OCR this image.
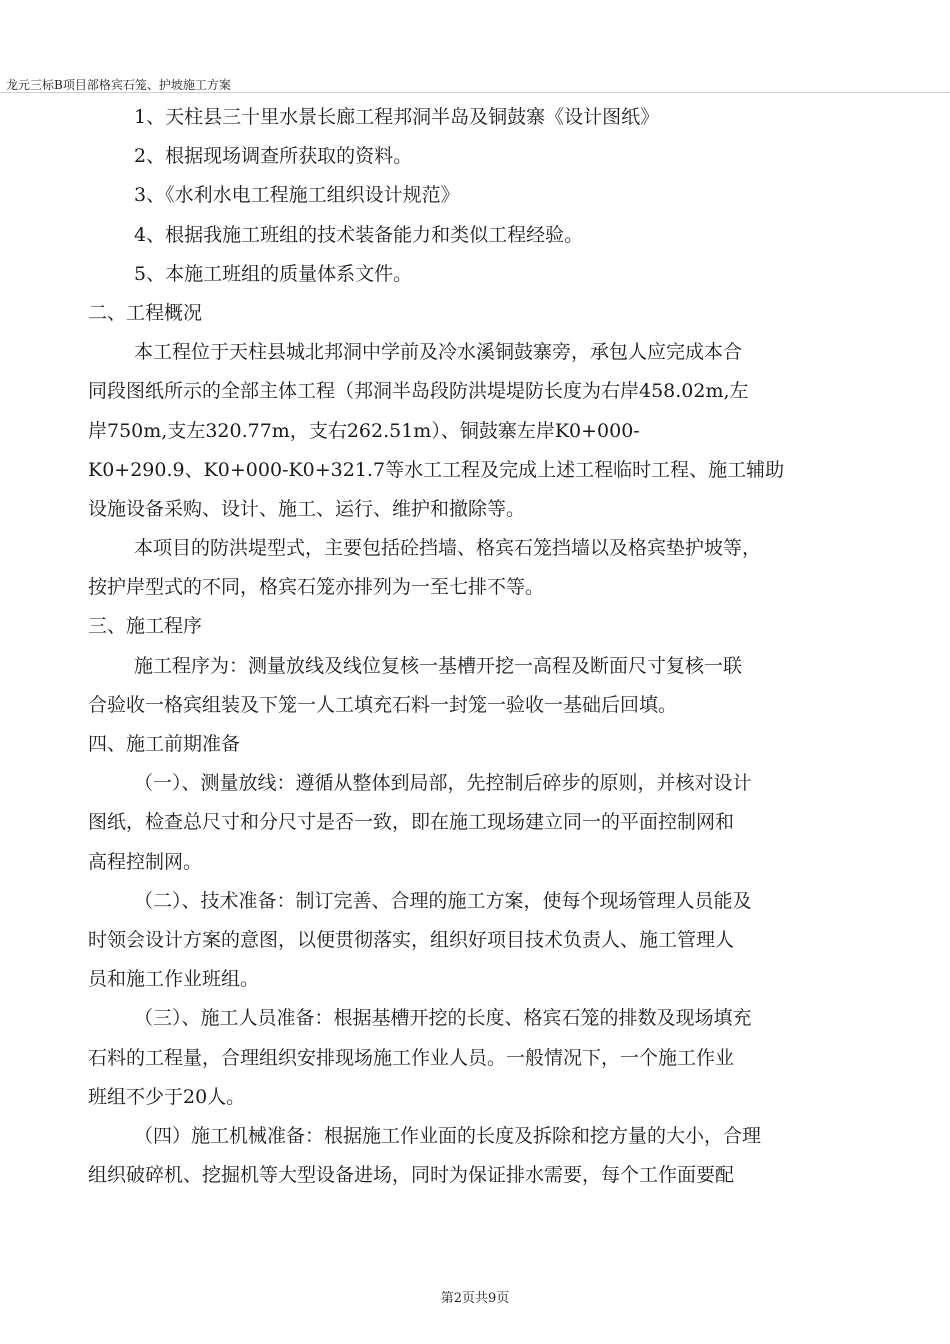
龙元三标B项目部格宾石笼、护坡施工方案
1、天柱县三十里水景长廊工程邦洞半岛及铜鼓寨《设计图纸》
2、根据现场调查所获取的资料。
3、《水利水电工程施工组织设计规范》
4、根据我施工班组的技术装备能力和类似工程经验。
5、本施工班组的质量体系文件。
二、工程概况
本工程位于天柱县城北邦洞中学前及冷水溪铜鼓寨旁，承包人应完成本合
同段图纸所示的全部主体工程（邦洞半岛段防洪堤堤防长度为右岸458.02m,左
岸750m,支左320.77m，支右262.51m）、铜鼓寨左岸K0+000-
K0+290.9、K0+000-K0+321.7等水工工程及完成上述工程临时工程、施工辅助
设施设备采购、设计、施工、运行、维护和撤除等。
本项目的防洪堤型式，主要包括砼挡墙、格宾石笼挡墙以及格宾垫护坡等，
按护岸型式的不同，格宾石笼亦排列为一至七排不等。
三、施工程序
施工程序为：测量放线及线位复核一基槽开挖一高程及断面尺寸复核一联
合验收一格宾组装及下笼一人工填充石料一封笼一验收一基础后回填。
四、施工前期准备
（一）、测量放线：遵循从整体到局部，先控制后碎步的原则，并核对设计
图纸，检查总尺寸和分尺寸是否一致，即在施工现场建立同一的平面控制网和
高程控制网。
（二）、技术准备：制订完善、合理的施工方案，使每个现场管理人员能及
时领会设计方案的意图，以便贯彻落实，组织好项目技术负责人、施工管理人
员和施工作业班组。
（三）、施工人员准备：根据基槽开挖的长度、格宾石笼的排数及现场填充
石料的工程量，合理组织安排现场施工作业人员。一般情况下，一个施工作业
班组不少于20人。
（四）施工机械准备：根据施工作业面的长度及拆除和挖方量的大小，合理
组织破碎机、挖掘机等大型设备进场，同时为保证排水需要，每个工作面要配
第2页共9页
